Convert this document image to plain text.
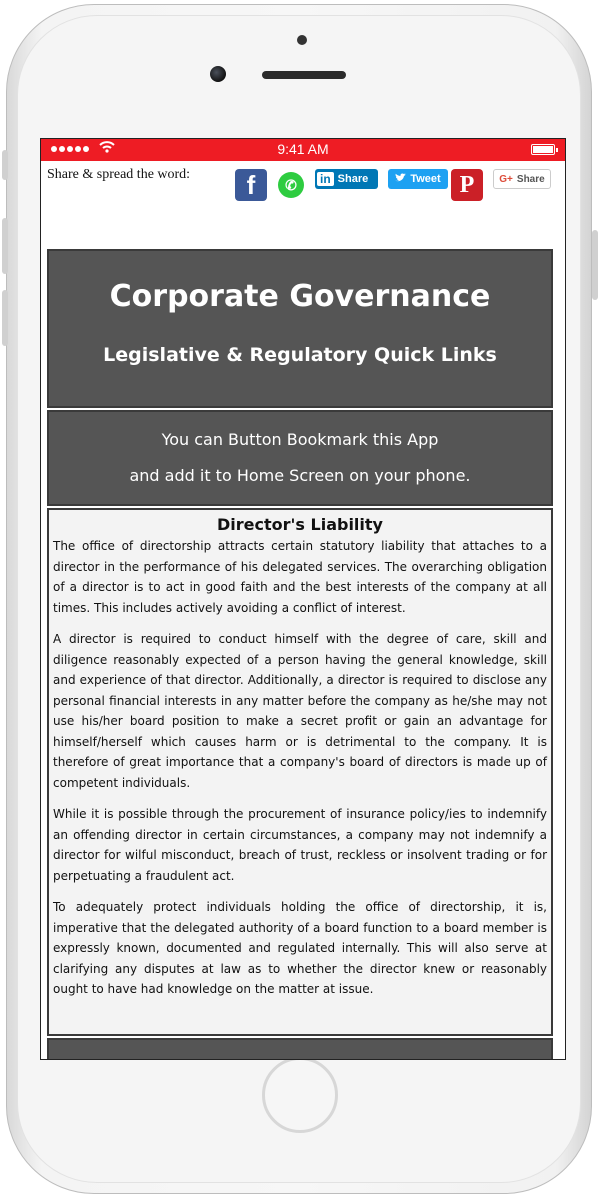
9:41 AM
Share & spread the word:	f	✆	in Share	Tweet P	G+ Share
Corporate Governance
Legislative & Regulatory Quick Links
You can Button Bookmark this App
and add it to Home Screen on your phone.
Director's Liability

The office of directorship attracts certain statutory liability that attaches to a director in the performance of his delegated services. The overarching obligation of a director is to act in good faith and the best interests of the company at all times. This includes actively avoiding a conflict of interest.

A director is required to conduct himself with the degree of care, skill and diligence reasonably expected of a person having the general knowledge, skill and experience of that director. Additionally, a director is required to disclose any personal financial interests in any matter before the company as he/she may not use his/her board position to make a secret profit or gain an advantage for himself/herself which causes harm or is detrimental to the company. It is therefore of great importance that a company's board of directors is made up of competent individuals.

While it is possible through the procurement of insurance policy/ies to indemnify an offending director in certain circumstances, a company may not indemnify a director for wilful misconduct, breach of trust, reckless or insolvent trading or for perpetuating a fraudulent act.

To adequately protect individuals holding the office of directorship, it is, imperative that the delegated authority of a board function to a board member is expressly known, documented and regulated internally. This will also serve at clarifying any disputes at law as to whether the director knew or reasonably ought to have had knowledge on the matter at issue.
